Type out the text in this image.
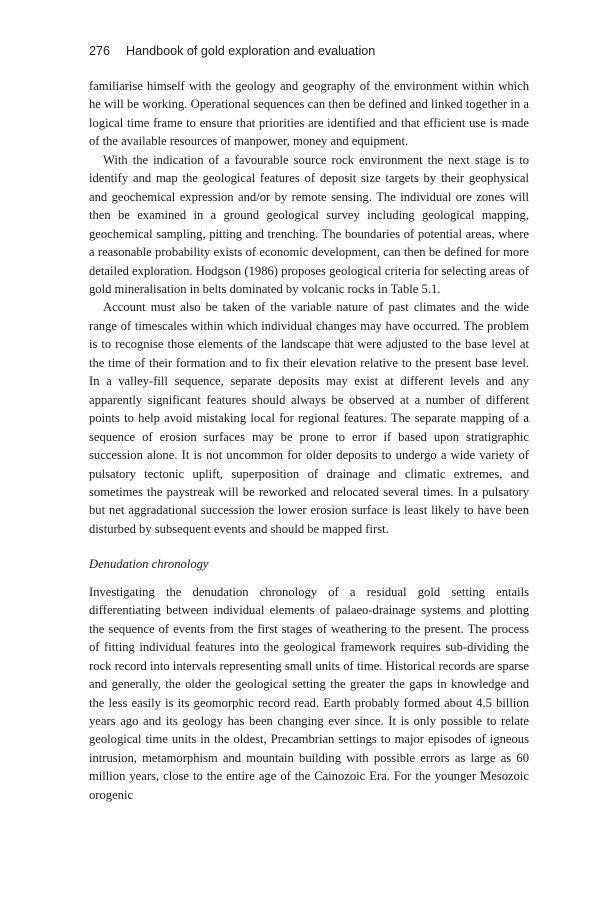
276 Handbook of gold exploration and evaluation

familiarise himself with the geology and geography of the environment within which he will be working. Operational sequences can then be defined and linked together in a logical time frame to ensure that priorities are identified and that efficient use is made of the available resources of manpower, money and equipment.

With the indication of a favourable source rock environment the next stage is to identify and map the geological features of deposit size targets by their geophysical and geochemical expression and/or by remote sensing. The individual ore zones will then be examined in a ground geological survey including geological mapping, geochemical sampling, pitting and trenching. The boundaries of potential areas, where a reasonable probability exists of economic development, can then be defined for more detailed exploration. Hodgson (1986) proposes geological criteria for selecting areas of gold mineralisation in belts dominated by volcanic rocks in Table 5.1.

Account must also be taken of the variable nature of past climates and the wide range of timescales within which individual changes may have occurred. The problem is to recognise those elements of the landscape that were adjusted to the base level at the time of their formation and to fix their elevation relative to the present base level. In a valley-fill sequence, separate deposits may exist at different levels and any apparently significant features should always be observed at a number of different points to help avoid mistaking local for regional features. The separate mapping of a sequence of erosion surfaces may be prone to error if based upon stratigraphic succession alone. It is not uncommon for older deposits to undergo a wide variety of pulsatory tectonic uplift, superposition of drainage and climatic extremes, and sometimes the paystreak will be reworked and relocated several times. In a pulsatory but net aggradational succession the lower erosion surface is least likely to have been disturbed by subsequent events and should be mapped first.

Denudation chronology

Investigating the denudation chronology of a residual gold setting entails differentiating between individual elements of palaeo-drainage systems and plotting the sequence of events from the first stages of weathering to the present. The process of fitting individual features into the geological framework requires sub-dividing the rock record into intervals representing small units of time. Historical records are sparse and generally, the older the geological setting the greater the gaps in knowledge and the less easily is its geomorphic record read. Earth probably formed about 4.5 billion years ago and its geology has been changing ever since. It is only possible to relate geological time units in the oldest, Precambrian settings to major episodes of igneous intrusion, metamorphism and mountain building with possible errors as large as 60 million years, close to the entire age of the Cainozoic Era. For the younger Mesozoic orogenic
